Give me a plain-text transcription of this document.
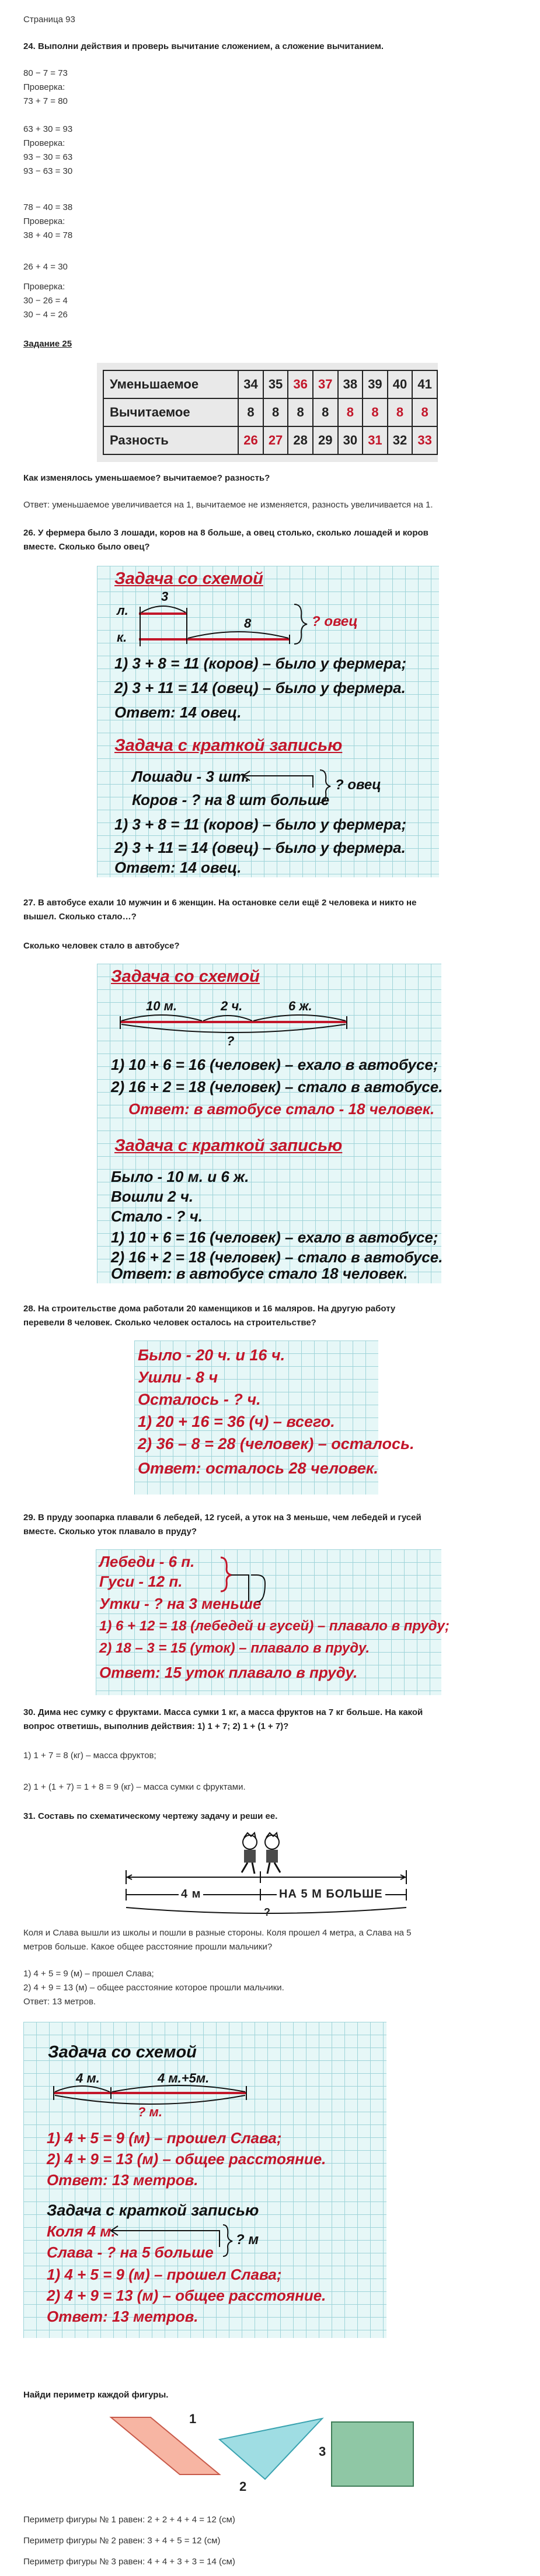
Страница 93
24. Выполни действия и проверь вычитание сложением, а сложение вычитанием.
80 − 7 = 73
Проверка:
73 + 7 = 80
63 + 30 = 93
Проверка:
93 − 30 = 63
93 − 63 = 30
78 − 40 = 38
Проверка:
38 + 40 = 78
26 + 4 = 30
Проверка:
30 − 26 = 4
30 − 4 = 26
Задание 25
Уменьшаемое	34	35	36	37	38	39	40	41
Вычитаемое	8	8	8	8	8	8	8	8
Разность	26	27	28	29	30	31	32	33
Как изменялось уменьшаемое? вычитаемое? разность?
Ответ: уменьшаемое увеличивается на 1, вычитаемое не изменяется, разность увеличивается на 1.
26. У фермера было 3 лошади, коров на 8 больше, а овец столько, сколько лошадей и коров
вместе. Сколько было овец?
Задача со схемой
л.
к.
3
8	? овец
1) 3 + 8 = 11 (коров) – было у фермера;
2) 3 + 11 = 14 (овец) – было у фермера.
Ответ: 14 овец.
Задача с краткой записью
Лошади - 3 шт.
Коров - ? на 8 шт больше
? овец
1) 3 + 8 = 11 (коров) – было у фермера;
2) 3 + 11 = 14 (овец) – было у фермера.
Ответ: 14 овец.
27. В автобусе ехали 10 мужчин и 6 женщин. На остановке сели ещё 2 человека и никто не
вышел. Сколько стало…?
Сколько человек стало в автобусе?
Задача со схемой
10 м.	2 ч.	6 ж.
?
1) 10 + 6 = 16 (человек) – ехало в автобусе;
2) 16 + 2 = 18 (человек) – стало в автобусе.
Ответ: в автобусе стало - 18 человек.
Задача с краткой записью
Было - 10 м. и 6 ж.
Вошли 2 ч.
Стало - ? ч.
1) 10 + 6 = 16 (человек) – ехало в автобусе;
2) 16 + 2 = 18 (человек) – стало в автобусе.
Ответ: в автобусе стало 18 человек.
28. На строительстве дома работали 20 каменщиков и 16 маляров. На другую работу
перевели 8 человек. Сколько человек осталось на строительстве?
Было - 20 ч. и 16 ч.
Ушли - 8 ч
Осталось - ? ч.
1) 20 + 16 = 36 (ч) – всего.
2) 36 – 8 = 28 (человек) – осталось.
Ответ: осталось 28 человек.
29. В пруду зоопарка плавали 6 лебедей, 12 гусей, а уток на 3 меньше, чем лебедей и гусей
вместе. Сколько уток плавало в пруду?
Лебеди - 6 п.
Гуси - 12 п.
Утки - ? на 3 меньше
1) 6 + 12 = 18 (лебедей и гусей) – плавало в пруду;
2) 18 – 3 = 15 (уток) – плавало в пруду.
Ответ: 15 уток плавало в пруду.
30. Дима нес сумку с фруктами. Масса сумки 1 кг, а масса фруктов на 7 кг больше. На какой
вопрос ответишь, выполнив действия: 1) 1 + 7; 2) 1 + (1 + 7)?
1) 1 + 7 = 8 (кг) – масса фруктов;
2) 1 + (1 + 7) = 1 + 8 = 9 (кг) – масса сумки с фруктами.
31. Составь по схематическому чертежу задачу и реши ее.
4 м	НА 5 М БОЛЬШЕ
?
Коля и Слава вышли из школы и пошли в разные стороны. Коля прошел 4 метра, а Слава на 5
метров больше. Какое общее расстояние прошли мальчики?
1) 4 + 5 = 9 (м) – прошел Слава;
2) 4 + 9 = 13 (м) – общее расстояние которое прошли мальчики.
Ответ: 13 метров.
Задача со схемой
4 м.	4 м.+5м.
? м.
1) 4 + 5 = 9 (м) – прошел Слава;
2) 4 + 9 = 13 (м) – общее расстояние.
Ответ: 13 метров.
Задача с краткой записью
Коля 4 м.
Слава - ? на 5 больше
? м
1) 4 + 5 = 9 (м) – прошел Слава;
2) 4 + 9 = 13 (м) – общее расстояние.
Ответ: 13 метров.
Найди периметр каждой фигуры.
1
2
3
Периметр фигуры № 1 равен: 2 + 2 + 4 + 4 = 12 (см)
Периметр фигуры № 2 равен: 3 + 4 + 5 = 12 (см)
Периметр фигуры № 3 равен: 4 + 4 + 3 + 3 = 14 (см)
